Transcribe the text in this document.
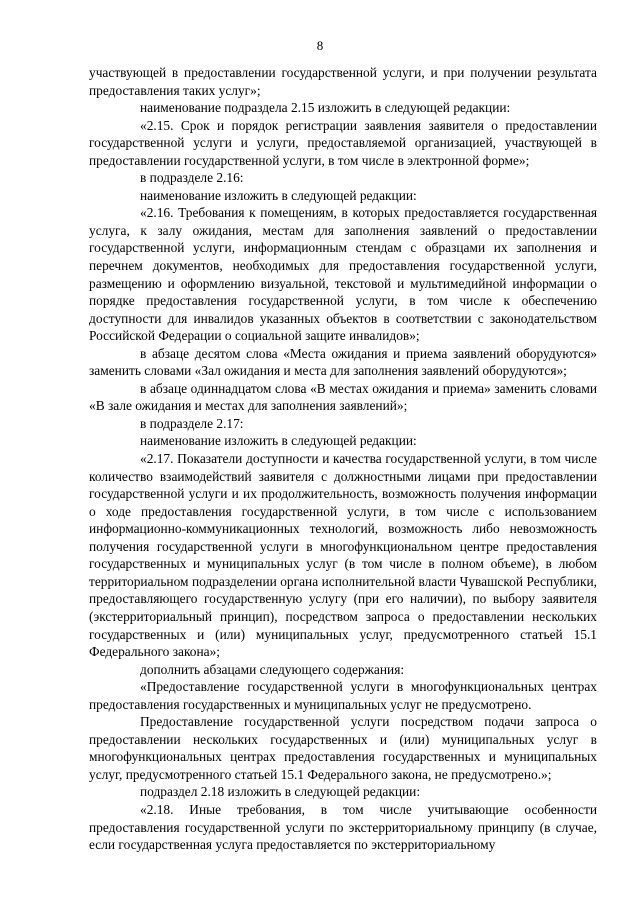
8

участвующей в предоставлении государственной услуги, и при получении результата предоставления таких услуг»;

наименование подраздела 2.15 изложить в следующей редакции:

«2.15. Срок и порядок регистрации заявления заявителя о предоставлении государственной услуги и услуги, предоставляемой организацией, участвующей в предоставлении государственной услуги, в том числе в электронной форме»;

в подразделе 2.16:

наименование изложить в следующей редакции:

«2.16. Требования к помещениям, в которых предоставляется государственная услуга, к залу ожидания, местам для заполнения заявлений о предоставлении государственной услуги, информационным стендам с образцами их заполнения и перечнем документов, необходимых для предоставления государственной услуги, размещению и оформлению визуальной, текстовой и мультимедийной информации о порядке предоставления государственной услуги, в том числе к обеспечению доступности для инвалидов указанных объектов в соответствии с законодательством Российской Федерации о социальной защите инвалидов»;

в абзаце десятом слова «Места ожидания и приема заявлений оборудуются» заменить словами «Зал ожидания и места для заполнения заявлений оборудуются»;

в абзаце одиннадцатом слова «В местах ожидания и приема» заменить словами «В зале ожидания и местах для заполнения заявлений»;

в подразделе 2.17:

наименование изложить в следующей редакции:

«2.17. Показатели доступности и качества государственной услуги, в том числе количество взаимодействий заявителя с должностными лицами при предоставлении государственной услуги и их продолжительность, возможность получения информации о ходе предоставления государственной услуги, в том числе с использованием информационно-коммуникационных технологий, возможность либо невозможность получения государственной услуги в многофункциональном центре предоставления государственных и муниципальных услуг (в том числе в полном объеме), в любом территориальном подразделении органа исполнительной власти Чувашской Республики, предоставляющего государственную услугу (при его наличии), по выбору заявителя (экстерриториальный принцип), посредством запроса о предоставлении нескольких государственных и (или) муниципальных услуг, предусмотренного статьей 15.1 Федерального закона»;

дополнить абзацами следующего содержания:

«Предоставление государственной услуги в многофункциональных центрах предоставления государственных и муниципальных услуг не предусмотрено.

Предоставление государственной услуги посредством подачи запроса о предоставлении нескольких государственных и (или) муниципальных услуг в многофункциональных центрах предоставления государственных и муниципальных услуг, предусмотренного статьей 15.1 Федерального закона, не предусмотрено.»;

подраздел 2.18 изложить в следующей редакции:

«2.18. Иные требования, в том числе учитывающие особенности предоставления государственной услуги по экстерриториальному принципу (в случае, если государственная услуга предоставляется по экстерриториальному
